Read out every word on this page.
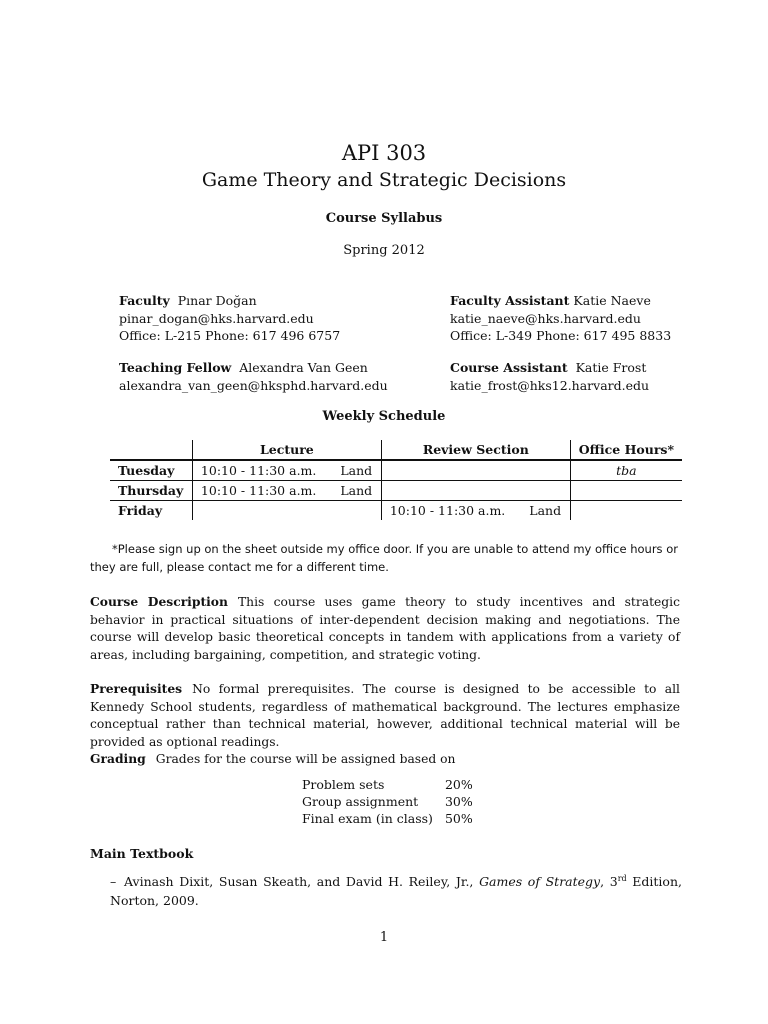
API 303
Game Theory and Strategic Decisions
Course Syllabus
Spring 2012
Faculty Pınar Doğan
pinar_dogan@hks.harvard.edu
Office: L-215 Phone: 617 496 6757
Faculty Assistant Katie Naeve
katie_naeve@hks.harvard.edu
Office: L-349 Phone: 617 495 8833
Teaching Fellow Alexandra Van Geen
alexandra_van_geen@hksphd.harvard.edu
Course Assistant Katie Frost
katie_frost@hks12.harvard.edu
Weekly Schedule
	Lecture	Review Section	Office Hours*
Tuesday	10:10 - 11:30 a.m. Land		tba
Thursday	10:10 - 11:30 a.m. Land		
Friday		10:10 - 11:30 a.m. Land	
*Please sign up on the sheet outside my office door. If you are unable to attend my office hours or they are full, please contact me for a different time.
Course Description This course uses game theory to study incentives and strategic behavior in practical situations of inter-dependent decision making and negotiations. The course will develop basic theoretical concepts in tandem with applications from a variety of areas, including bargaining, competition, and strategic voting.
Prerequisites No formal prerequisites. The course is designed to be accessible to all Kennedy School students, regardless of mathematical background. The lectures emphasize conceptual rather than technical material, however, additional technical material will be provided as optional readings.
Grading Grades for the course will be assigned based on
Problem sets	20%
Group assignment	30%
Final exam (in class)	50%
Main Textbook
– Avinash Dixit, Susan Skeath, and David H. Reiley, Jr., Games of Strategy, 3rd Edition, Norton, 2009.
1
